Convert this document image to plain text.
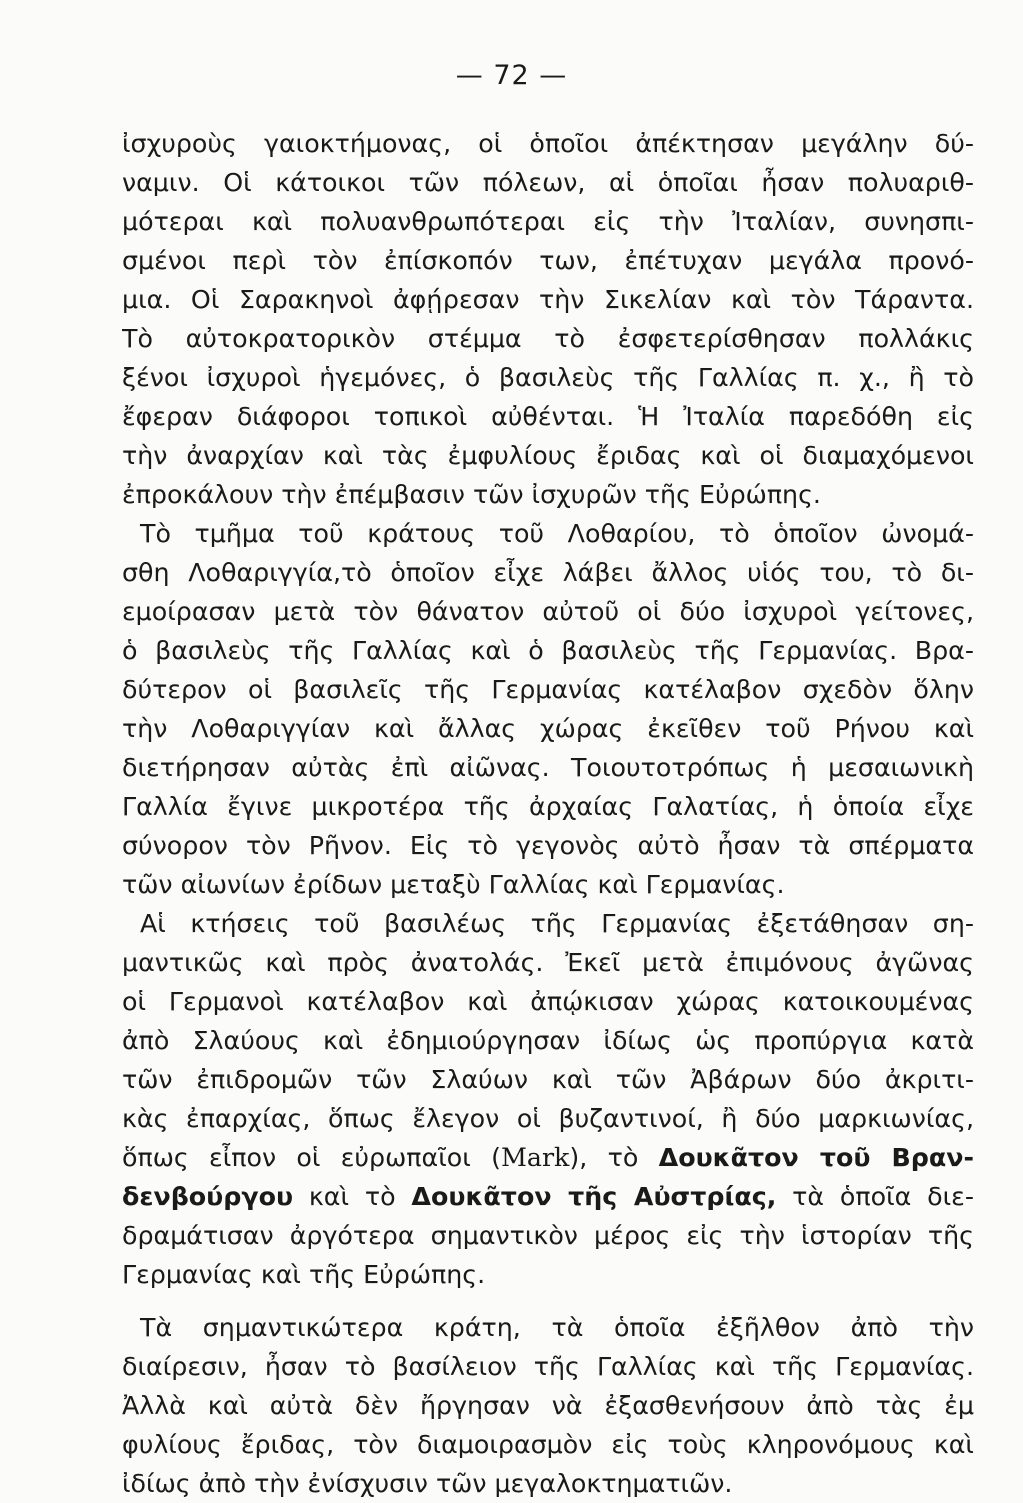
— 72 —
ἰσχυροὺς γαιοκτήμονας, οἱ ὁποῖοι ἀπέκτησαν μεγάλην δύ-
ναμιν. Οἱ κάτοικοι τῶν πόλεων, αἱ ὁποῖαι ἦσαν πολυαριθ-
μότεραι καὶ πολυανθρωπότεραι εἰς τὴν Ἰταλίαν, συνησπι-
σμένοι περὶ τὸν ἐπίσκοπόν των, ἐπέτυχαν μεγάλα προνό-
μια. Οἱ Σαρακηνοὶ ἀφῄρεσαν τὴν Σικελίαν καὶ τὸν Τάραντα.
Τὸ αὐτοκρατορικὸν στέμμα τὸ ἐσφετερίσθησαν πολλάκις
ξένοι ἰσχυροὶ ἡγεμόνες, ὁ βασιλεὺς τῆς Γαλλίας π. χ., ἢ τὸ
ἔφεραν διάφοροι τοπικοὶ αὐθένται. Ἡ Ἰταλία παρεδόθη εἰς
τὴν ἀναρχίαν καὶ τὰς ἐμφυλίους ἔριδας καὶ οἱ διαμαχόμενοι
ἐπροκάλουν τὴν ἐπέμβασιν τῶν ἰσχυρῶν τῆς Εὐρώπης.
Τὸ τμῆμα τοῦ κράτους τοῦ Λοθαρίου, τὸ ὁποῖον ὠνομά-
σθη Λοθαριγγία,τὸ ὁποῖον εἶχε λάβει ἄλλος υἱός του, τὸ δι-
εμοίρασαν μετὰ τὸν θάνατον αὐτοῦ οἱ δύο ἰσχυροὶ γείτονες,
ὁ βασιλεὺς τῆς Γαλλίας καὶ ὁ βασιλεὺς τῆς Γερμανίας. Βρα-
δύτερον οἱ βασιλεῖς τῆς Γερμανίας κατέλαβον σχεδὸν ὅλην
τὴν Λοθαριγγίαν καὶ ἄλλας χώρας ἐκεῖθεν τοῦ Ρήνου καὶ
διετήρησαν αὐτὰς ἐπὶ αἰῶνας. Τοιουτοτρόπως ἡ μεσαιωνικὴ
Γαλλία ἔγινε μικροτέρα τῆς ἀρχαίας Γαλατίας, ἡ ὁποία εἶχε
σύνορον τὸν Ρῆνον. Εἰς τὸ γεγονὸς αὐτὸ ἦσαν τὰ σπέρματα
τῶν αἰωνίων ἐρίδων μεταξὺ Γαλλίας καὶ Γερμανίας.
Αἱ κτήσεις τοῦ βασιλέως τῆς Γερμανίας ἐξετάθησαν ση-
μαντικῶς καὶ πρὸς ἀνατολάς. Ἐκεῖ μετὰ ἐπιμόνους ἀγῶνας
οἱ Γερμανοὶ κατέλαβον καὶ ἀπῴκισαν χώρας κατοικουμένας
ἀπὸ Σλαύους καὶ ἐδημιούργησαν ἰδίως ὡς προπύργια κατὰ
τῶν ἐπιδρομῶν τῶν Σλαύων καὶ τῶν Ἀβάρων δύο ἀκριτι-
κὰς ἐπαρχίας, ὅπως ἔλεγον οἱ βυζαντινοί, ἢ δύο μαρκιωνίας,
ὅπως εἶπον οἱ εὐρωπαῖοι (Mark), τὸ Δουκᾶτον τοῦ Βραν-
δενβούργου καὶ τὸ Δουκᾶτον τῆς Αὐστρίας, τὰ ὁποῖα διε-
δραμάτισαν ἀργότερα σημαντικὸν μέρος εἰς τὴν ἱστορίαν τῆς
Γερμανίας καὶ τῆς Εὐρώπης.
Τὰ σημαντικώτερα κράτη, τὰ ὁποῖα ἐξῆλθον ἀπὸ τὴν
διαίρεσιν, ἦσαν τὸ βασίλειον τῆς Γαλλίας καὶ τῆς Γερμανίας.
Ἀλλὰ καὶ αὐτὰ δὲν ἤργησαν νὰ ἐξασθενήσουν ἀπὸ τὰς ἐμ
φυλίους ἔριδας, τὸν διαμοιρασμὸν εἰς τοὺς κληρονόμους καὶ
ἰδίως ἀπὸ τὴν ἐνίσχυσιν τῶν μεγαλοκτηματιῶν.
